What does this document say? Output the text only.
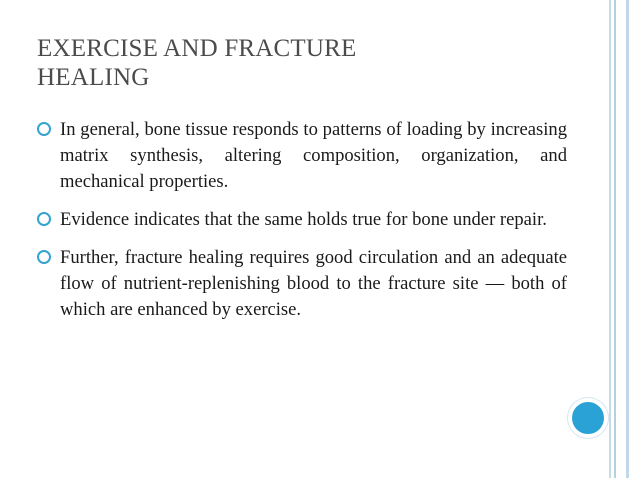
EXERCISE AND FRACTURE
HEALING
In general, bone tissue responds to patterns of loading by increasing matrix synthesis, altering composition, organization, and mechanical properties.
Evidence indicates that the same holds true for bone under repair.
Further, fracture healing requires good circulation and an adequate flow of nutrient-replenishing blood to the fracture site — both of which are enhanced by exercise.
